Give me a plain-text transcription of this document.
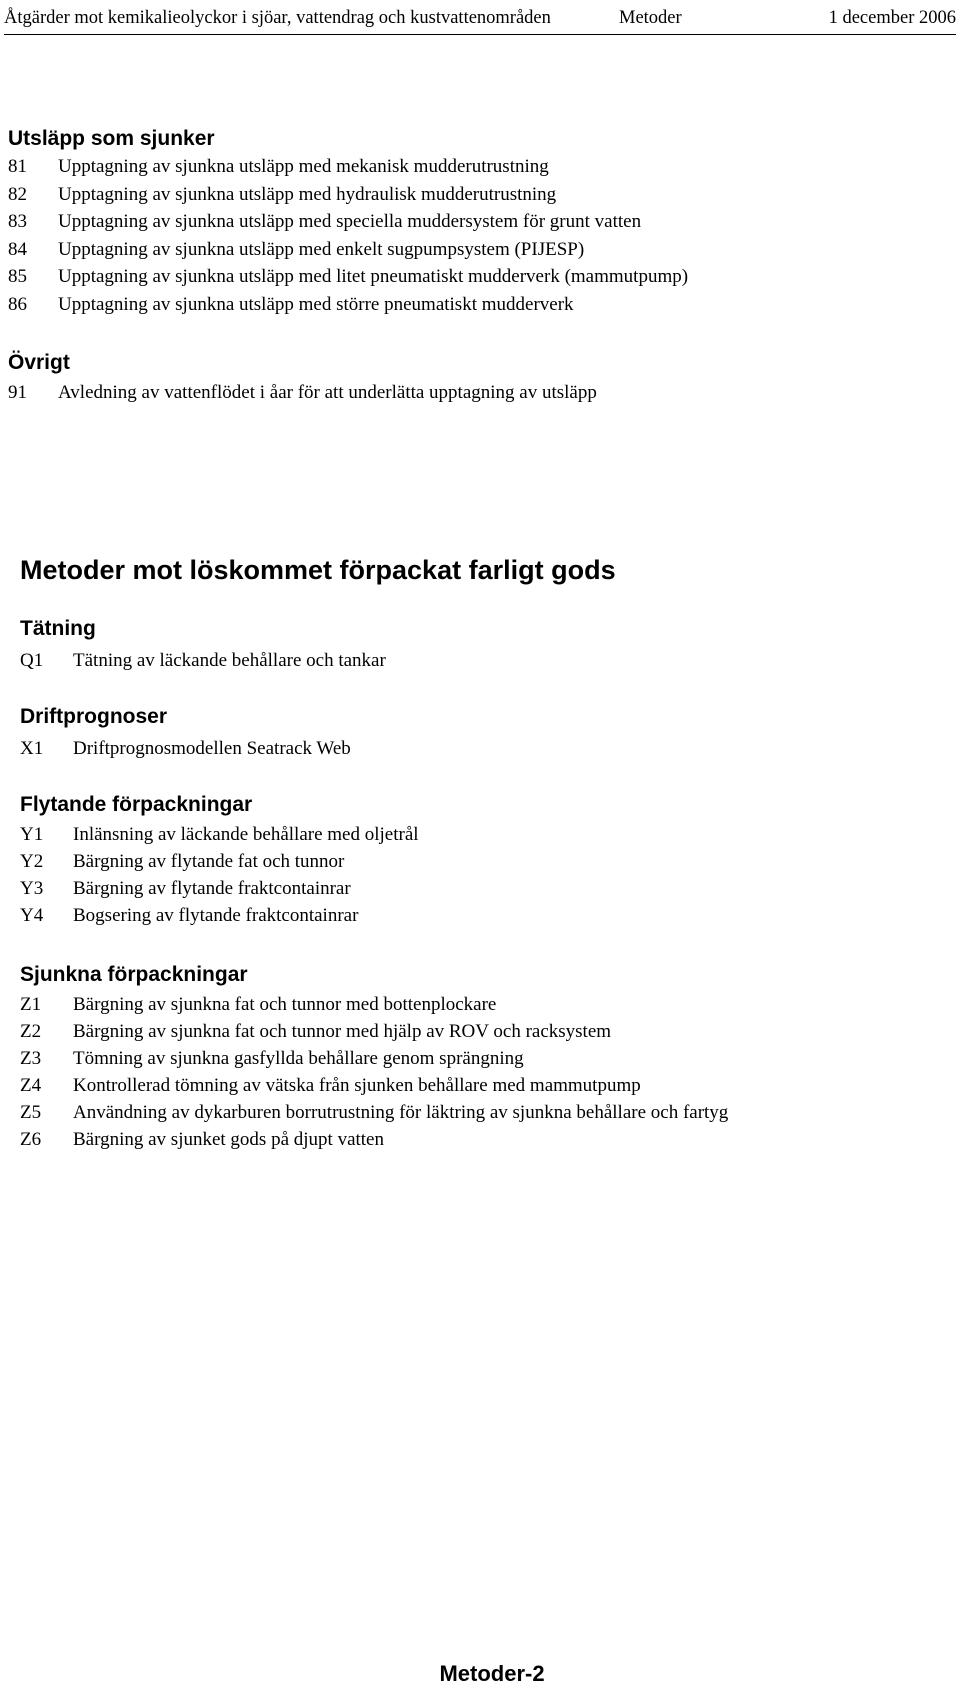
Åtgärder mot kemikalieolyckor i sjöar, vattendrag och kustvattenområden	Metoder	1 december 2006
Utsläpp som sjunker
81 Upptagning av sjunkna utsläpp med mekanisk mudderutrustning
82 Upptagning av sjunkna utsläpp med hydraulisk mudderutrustning
83 Upptagning av sjunkna utsläpp med speciella muddersystem för grunt vatten
84 Upptagning av sjunkna utsläpp med enkelt sugpumpsystem (PIJESP)
85 Upptagning av sjunkna utsläpp med litet pneumatiskt mudderverk (mammutpump)
86 Upptagning av sjunkna utsläpp med större pneumatiskt mudderverk
Övrigt
91 Avledning av vattenflödet i åar för att underlätta upptagning av utsläpp
Metoder mot löskommet förpackat farligt gods
Tätning
Q1 Tätning av läckande behållare och tankar
Driftprognoser
X1 Driftprognosmodellen Seatrack Web
Flytande förpackningar
Y1 Inlänsning av läckande behållare med oljetrål
Y2 Bärgning av flytande fat och tunnor
Y3 Bärgning av flytande fraktcontainrar
Y4 Bogsering av flytande fraktcontainrar
Sjunkna förpackningar
Z1 Bärgning av sjunkna fat och tunnor med bottenplockare
Z2 Bärgning av sjunkna fat och tunnor med hjälp av ROV och racksystem
Z3 Tömning av sjunkna gasfyllda behållare genom sprängning
Z4 Kontrollerad tömning av vätska från sjunken behållare med mammutpump
Z5 Användning av dykarburen borrutrustning för läktring av sjunkna behållare och fartyg
Z6 Bärgning av sjunket gods på djupt vatten
Metoder-2
